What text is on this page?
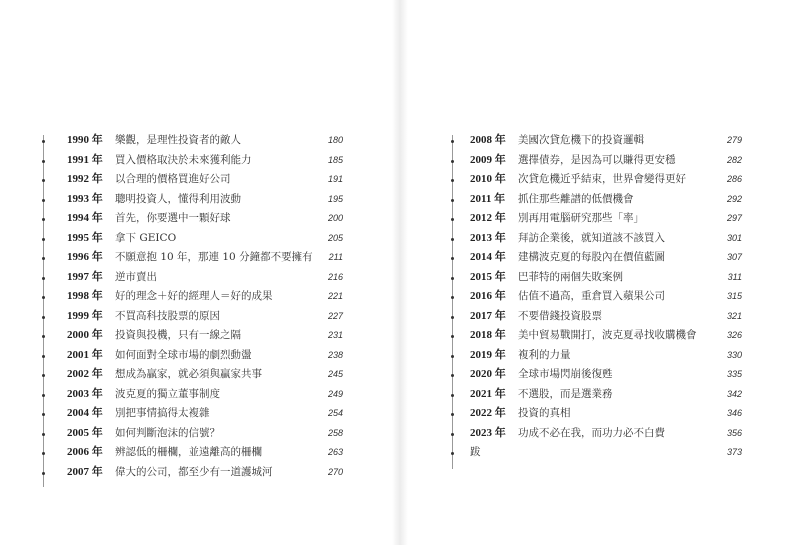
1990 年 樂觀，是理性投資者的敵人	180
1991 年 買入價格取決於未來獲利能力	185
1992 年 以合理的價格買進好公司	191
1993 年 聰明投資人，懂得利用波動	195
1994 年 首先，你要選中一顆好球	200
1995 年 拿下 GEICO	205
1996 年 不願意抱 10 年，那連 10 分鐘都不要擁有 211
1997 年 逆市賣出	216
1998 年 好的理念＋好的經理人＝好的成果	221
1999 年 不買高科技股票的原因	227
2000 年 投資與投機，只有一線之隔	231
2001 年 如何面對全球市場的劇烈動盪	238
2002 年 想成為贏家，就必須與贏家共事	245
2003 年 波克夏的獨立董事制度	249
2004 年 別把事情搞得太複雜	254
2005 年 如何判斷泡沫的信號？	258
2006 年 辨認低的柵欄，並遠離高的柵欄	263
2007 年 偉大的公司，都至少有一道護城河	270
2008 年 美國次貸危機下的投資邏輯	279
2009 年 選擇債券，是因為可以賺得更安穩	282
2010 年 次貸危機近乎結束，世界會變得更好	286
2011 年 抓住那些離譜的低價機會	292
2012 年 別再用電腦研究那些「率」	297
2013 年 拜訪企業後，就知道該不該買入	301
2014 年 建構波克夏的每股內在價值藍圖	307
2015 年 巴菲特的兩個失敗案例	311
2016 年 估值不過高，重倉買入蘋果公司	315
2017 年 不要借錢投資股票	321
2018 年 美中貿易戰開打，波克夏尋找收購機會	326
2019 年 複利的力量	330
2020 年 全球市場閃崩後復甦	335
2021 年 不選股，而是選業務	342
2022 年 投資的真相	346
2023 年 功成不必在我，而功力必不白費	356
跋	373
